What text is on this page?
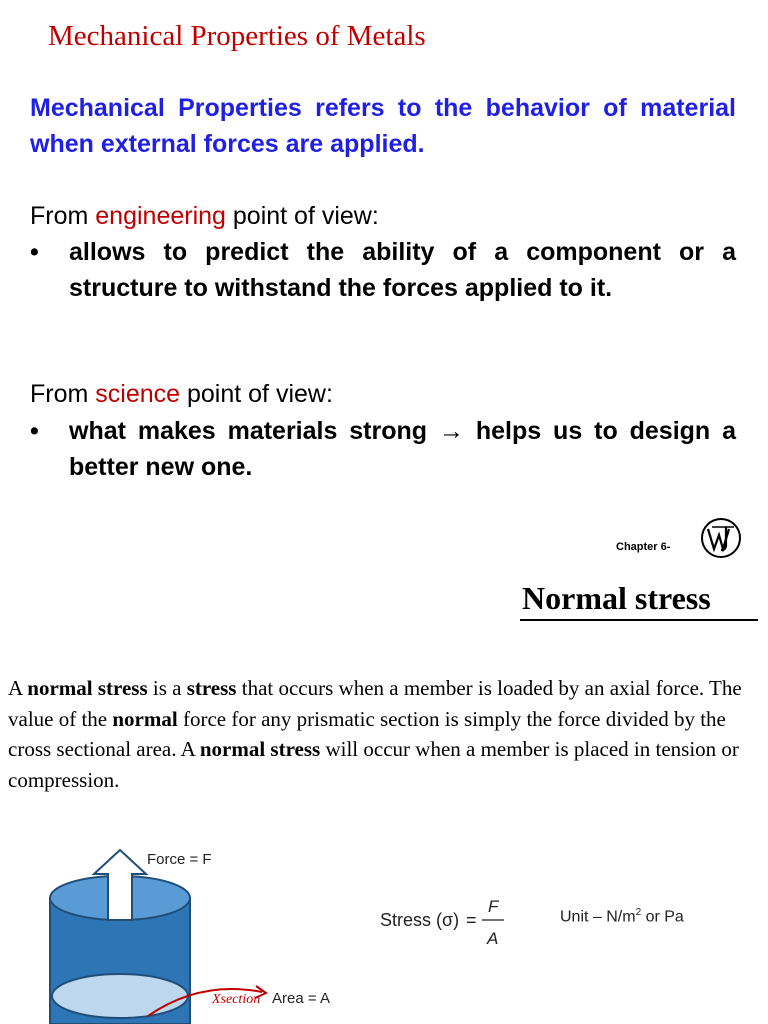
Mechanical Properties of Metals

Mechanical Properties refers to the behavior of material when external forces are applied.

From engineering point of view:

• allows to predict the ability of a component or a structure to withstand the forces applied to it.

From science point of view:

• what makes materials strong → helps us to design a better new one.
Chapter 6-
Normal stress

A normal stress is a stress that occurs when a member is loaded by an axial force. The value of the normal force for any prismatic section is simply the force divided by the cross sectional area. A normal stress will occur when a member is placed in tension or compression.

Force = F
Xsection Area = A
Stress (σ) =
F
A
Unit – $N/m^2$ or Pa
